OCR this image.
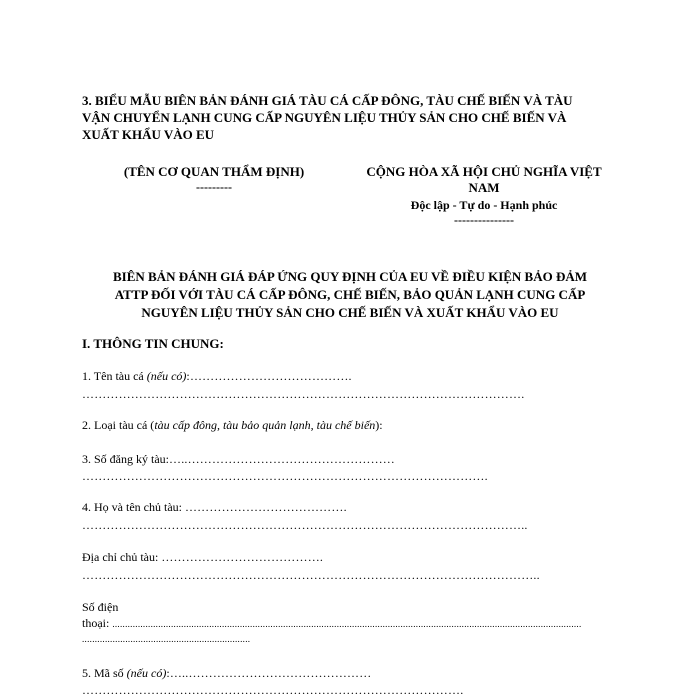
3. BIỂU MẪU BIÊN BẢN ĐÁNH GIÁ TÀU CÁ CẤP ĐÔNG, TÀU CHẾ BIẾN VÀ TÀU
VẬN CHUYỂN LẠNH CUNG CẤP NGUYÊN LIỆU THỦY SẢN CHO CHẾ BIẾN VÀ
XUẤT KHẨU VÀO EU
(TÊN CƠ QUAN THẨM ĐỊNH)
---------
CỘNG HÒA XÃ HỘI CHỦ NGHĨA VIỆT
NAM
Độc lập - Tự do - Hạnh phúc
---------------
BIÊN BẢN ĐÁNH GIÁ ĐÁP ỨNG QUY ĐỊNH CỦA EU VỀ ĐIỀU KIỆN BẢO ĐẢM
ATTP ĐỐI VỚI TÀU CÁ CẤP ĐÔNG, CHẾ BIẾN, BẢO QUẢN LẠNH CUNG CẤP
NGUYÊN LIỆU THỦY SẢN CHO CHẾ BIẾN VÀ XUẤT KHẨU VÀO EU
I. THÔNG TIN CHUNG:
1. Tên tàu cá (nếu có):………………………………….
……………………………………………………………………………………………….
2. Loại tàu cá (tàu cấp đông, tàu bảo quản lạnh, tàu chế biến):
3. Số đăng ký tàu:…..……………………………………………
……………………………………………………………………………………….
4. Họ và tên chủ tàu: ………………………………….
………………………………………………………………………………………………..
Địa chỉ chủ tàu: ………………………………….
…………………………………………………………………………………………………..
Số điện
thoại: ........................................................................................................................................................................................
..................................................................
5. Mã số (nếu có):…..………………………………………
………………………………………………………………………………….
